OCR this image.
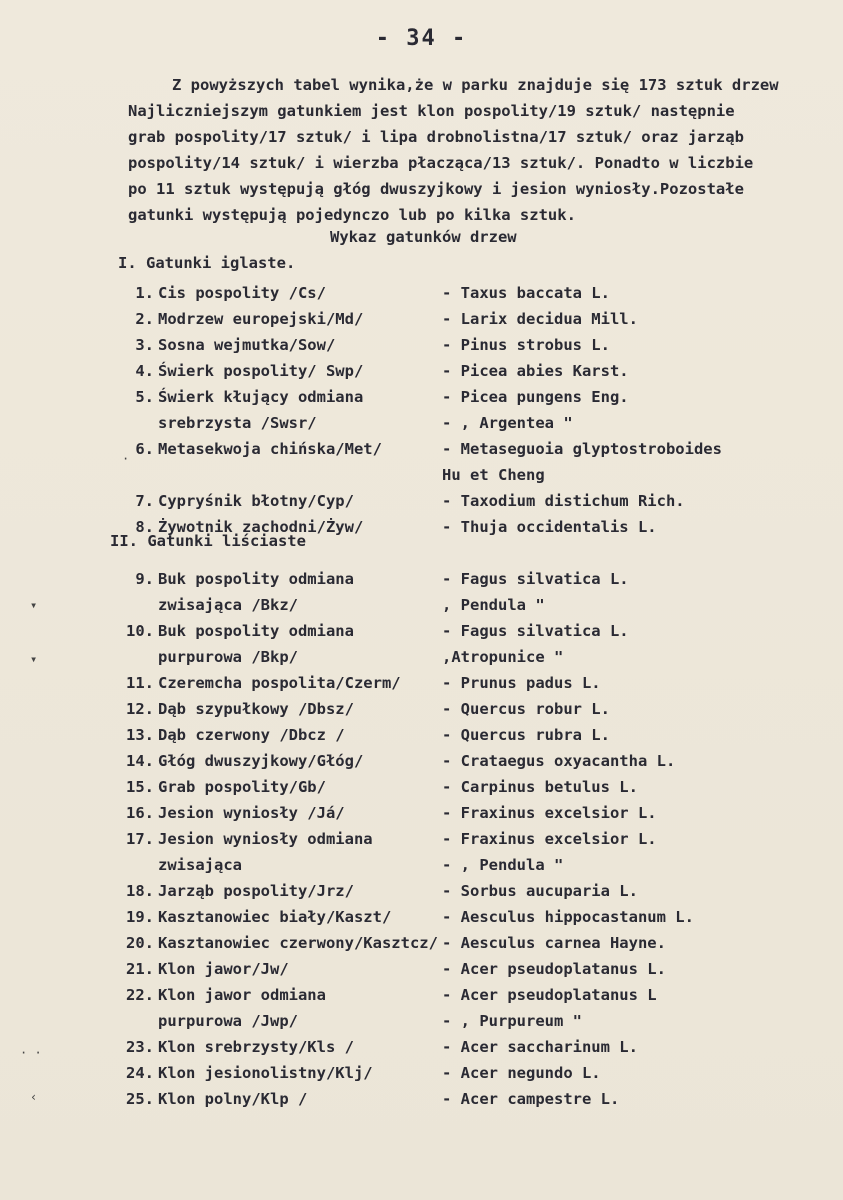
- 34 -
Z powyższych tabel wynika,że w parku znajduje się 173 sztuk drzew
Najliczniejszym gatunkiem jest klon pospolity/19 sztuk/ następnie
grab pospolity/17 sztuk/ i lipa drobnolistna/17 sztuk/ oraz jarząb
pospolity/14 sztuk/ i wierzba płacząca/13 sztuk/. Ponadto w liczbie
po 11 sztuk występują głóg dwuszyjkowy i jesion wyniosły.Pozostałe
gatunki występują pojedynczo lub po kilka sztuk.
Wykaz gatunków drzew
I. Gatunki iglaste.
II. Gatunki liściaste
1. Cis pospolity /Cs/	- Taxus baccata L.
2. Modrzew europejski/Md/	- Larix decidua Mill.
3. Sosna wejmutka/Sow/	- Pinus strobus L.
4. Świerk pospolity/ Swp/	- Picea abies Karst.
5. Świerk kłujący odmiana	- Picea pungens Eng.
srebrzysta /Swsr/	- , Argentea "
6. Metasekwoja chińska/Met/	- Metaseguoia glyptostroboides
Hu et Cheng
7. Cypryśnik błotny/Cyp/	- Taxodium distichum Rich.
8. Żywotnik zachodni/Żyw/	- Thuja occidentalis L.
9. Buk pospolity odmiana	- Fagus silvatica L.
zwisająca /Bkz/	, Pendula "
10. Buk pospolity odmiana	- Fagus silvatica L.
purpurowa /Bkp/	,Atropunice "
11. Czeremcha pospolita/Czerm/	- Prunus padus L.
12. Dąb szypułkowy /Dbsz/	- Quercus robur L.
13. Dąb czerwony /Dbcz /	- Quercus rubra L.
14. Głóg dwuszyjkowy/Głóg/	- Crataegus oxyacantha L.
15. Grab pospolity/Gb/	- Carpinus betulus L.
16. Jesion wyniosły /Já/	- Fraxinus excelsior L.
17. Jesion wyniosły odmiana	- Fraxinus excelsior L.
zwisająca	- , Pendula "
18. Jarząb pospolity/Jrz/	- Sorbus aucuparia L.
19. Kasztanowiec biały/Kaszt/	- Aesculus hippocastanum L.
20. Kasztanowiec czerwony/Kasztcz/ - Aesculus carnea Hayne.
21. Klon jawor/Jw/	- Acer pseudoplatanus L.
22. Klon jawor odmiana	- Acer pseudoplatanus L
purpurowa /Jwp/	- , Purpureum "
23. Klon srebrzysty/Kls /	- Acer saccharinum L.
24. Klon jesionolistny/Klj/	- Acer negundo L.
25. Klon polny/Klp /	- Acer campestre L.
·
▾
▾
· ·
‹
